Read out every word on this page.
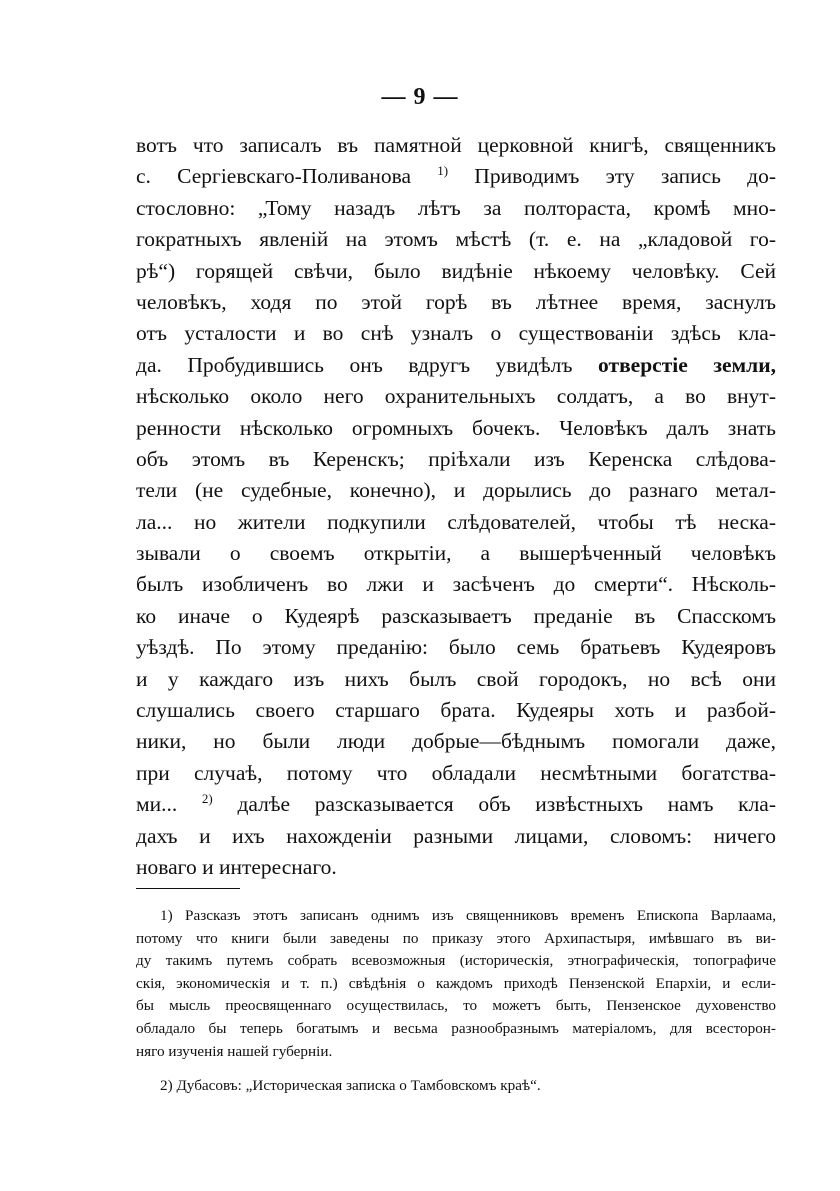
— 9 —
вотъ что записалъ въ памятной церковной книгѣ, священникъ
с. Сергіевскаго-Поливанова $^{1)}$ Приводимъ эту запись до-
стословно: „Тому назадъ лѣтъ за полтораста, кромѣ мно-
гократныхъ явленій на этомъ мѣстѣ (т. е. на „кладовой го-
рѣ“) горящей свѣчи, было видѣніе нѣкоему человѣку. Сей
человѣкъ, ходя по этой горѣ въ лѣтнее время, заснулъ
отъ усталости и во снѣ узналъ о существованіи здѣсь кла-
да. Пробудившись онъ вдругъ увидѣлъ отверстіе земли,
нѣсколько около него охранительныхъ солдатъ, а во внут-
ренности нѣсколько огромныхъ бочекъ. Человѣкъ далъ знать
объ этомъ въ Керенскъ; пріѣхали изъ Керенска слѣдова-
тели (не судебные, конечно), и дорылись до разнаго метал-
ла... но жители подкупили слѣдователей, чтобы тѣ неска-
зывали о своемъ открытіи, а вышерѣченный человѣкъ
былъ изобличенъ во лжи и засѣченъ до смерти“. Нѣсколь-
ко иначе о Кудеярѣ разсказываетъ преданіе въ Спасскомъ
уѣздѣ. По этому преданію: было семь братьевъ Кудеяровъ
и у каждаго изъ нихъ былъ свой городокъ, но всѣ они
слушались своего старшаго брата. Кудеяры хоть и разбой-
ники, но были люди добрые—бѣднымъ помогали даже,
при случаѣ, потому что обладали несмѣтными богатства-
ми... $^{2)}$ далѣе разсказывается объ извѣстныхъ намъ кла-
дахъ и ихъ нахожденіи разными лицами, словомъ: ничего
новаго и интереснаго.
1) Разсказъ этотъ записанъ однимъ изъ священниковъ временъ Епископа Варлаама,
потому что книги были заведены по приказу этого Архипастыря, имѣвшаго въ ви-
ду такимъ путемъ собрать всевозможныя (историческія, этнографическія, топографиче
скія, экономическія и т. п.) свѣдѣнія о каждомъ приходѣ Пензенской Епархіи, и если-
бы мысль преосвященнаго осуществилась, то можетъ быть, Пензенское духовенство
обладало бы теперь богатымъ и весьма разнообразнымъ матеріаломъ, для всесторон-
няго изученія нашей губерніи.
2) Дубасовъ: „Историческая записка о Тамбовскомъ краѣ“.
